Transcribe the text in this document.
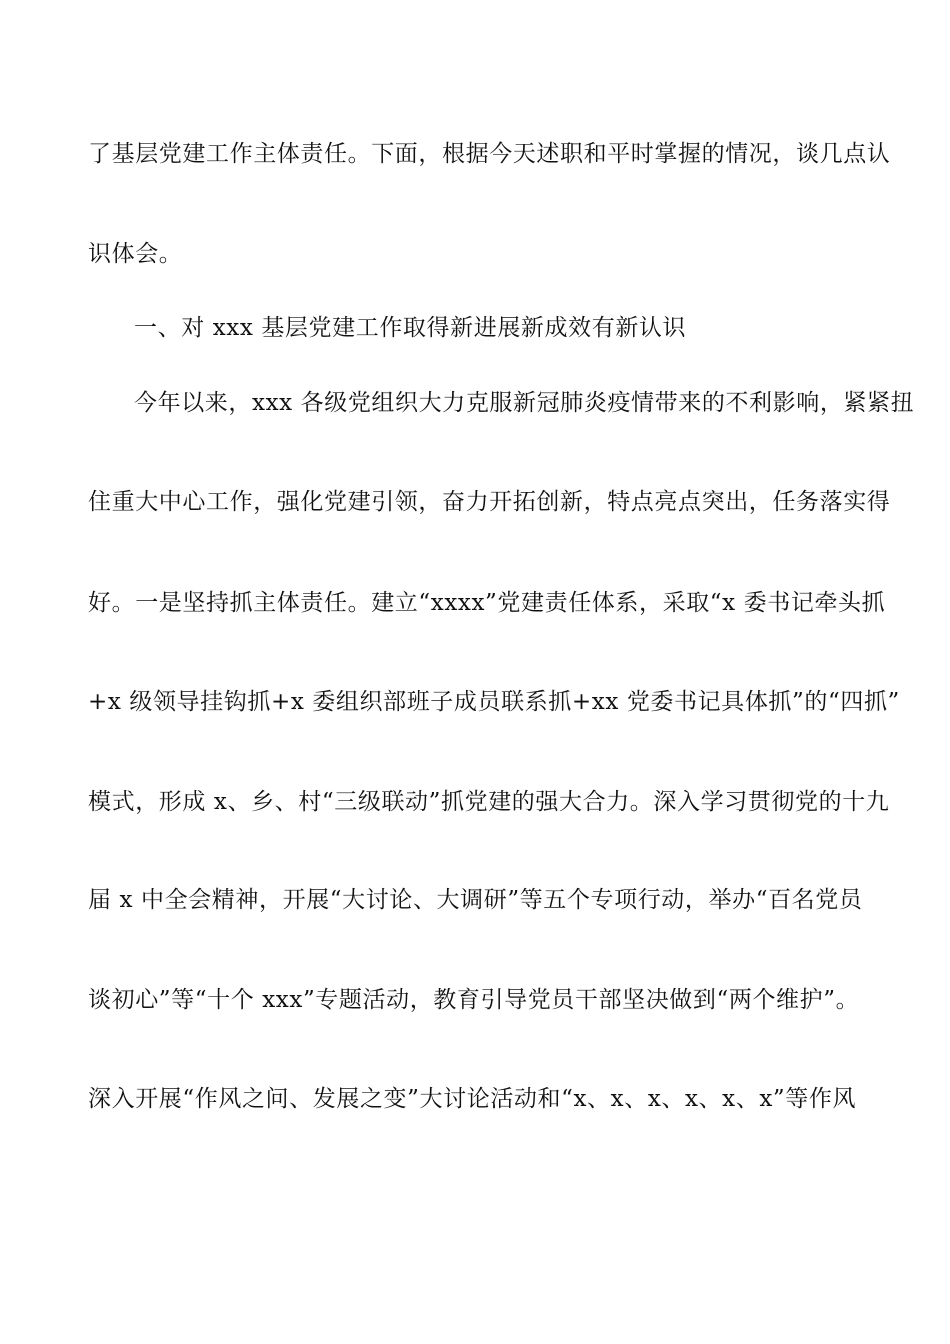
了基层党建工作主体责任。下面，根据今天述职和平时掌握的情况，谈几点认
识体会。
一、对 xxx 基层党建工作取得新进展新成效有新认识
今年以来，xxx 各级党组织大力克服新冠肺炎疫情带来的不利影响，紧紧扭
住重大中心工作，强化党建引领，奋力开拓创新，特点亮点突出，任务落实得
好。一是坚持抓主体责任。建立“xxxx”党建责任体系，采取“x 委书记牵头抓
+x 级领导挂钩抓+x 委组织部班子成员联系抓+xx 党委书记具体抓”的“四抓”
模式，形成 x、乡、村“三级联动”抓党建的强大合力。深入学习贯彻党的十九
届 x 中全会精神，开展“大讨论、大调研”等五个专项行动，举办“百名党员
谈初心”等“十个 xxx”专题活动，教育引导党员干部坚决做到“两个维护”。
深入开展“作风之问、发展之变”大讨论活动和“x、x、x、x、x、x”等作风
